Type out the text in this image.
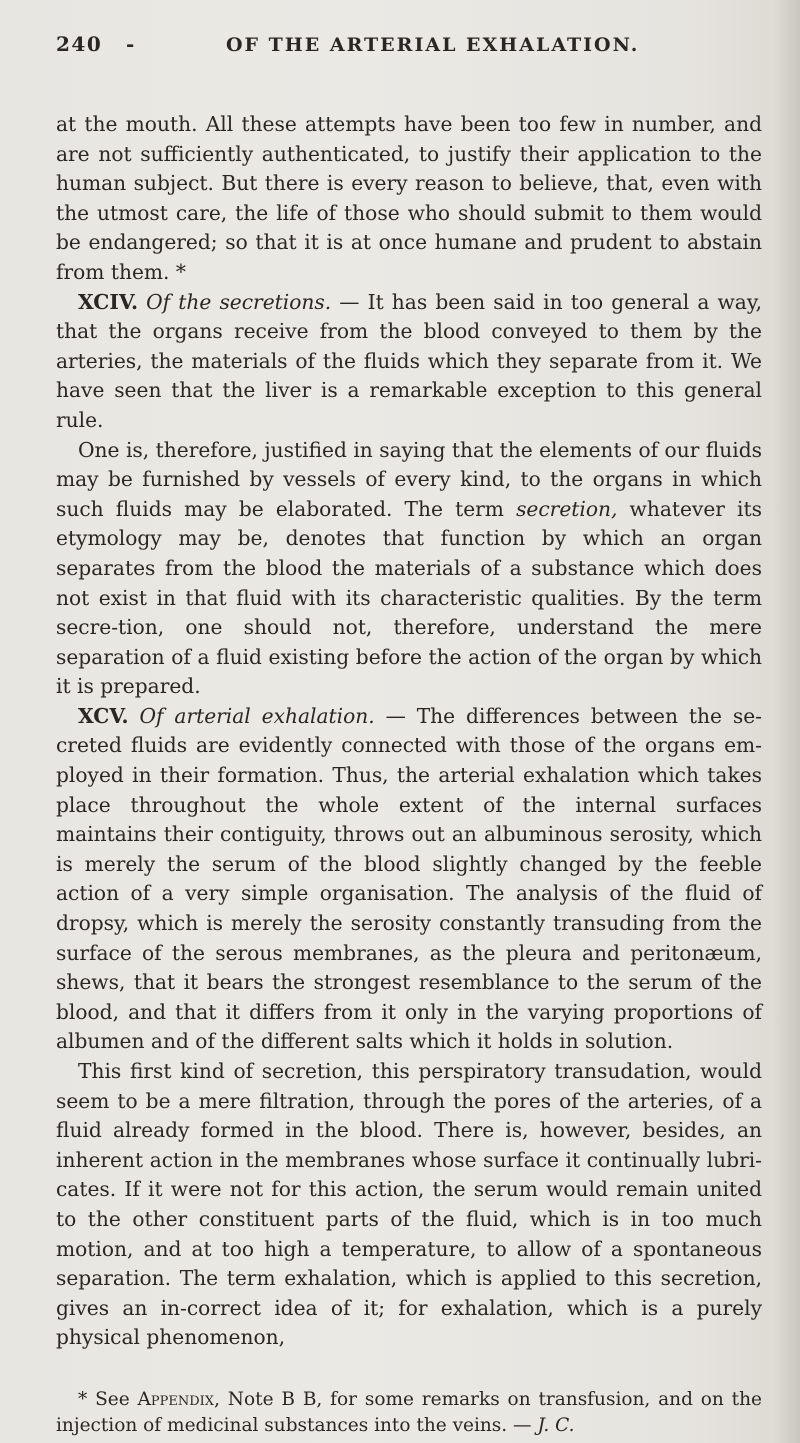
240	-	OF THE ARTERIAL EXHALATION.

at the mouth. All these attempts have been too few in number, and are not sufficiently authenticated, to justify their application to the human subject. But there is every reason to believe, that, even with the utmost care, the life of those who should submit to them would be endangered; so that it is at once humane and prudent to abstain from them. *

XCIV. Of the secretions. — It has been said in too general a way, that the organs receive from the blood conveyed to them by the arteries, the materials of the fluids which they separate from it. We have seen that the liver is a remarkable exception to this general rule.

One is, therefore, justified in saying that the elements of our fluids may be furnished by vessels of every kind, to the organs in which such fluids may be elaborated. The term secretion, whatever its etymology may be, denotes that function by which an organ separates from the blood the materials of a substance which does not exist in that fluid with its characteristic qualities. By the term secre-tion, one should not, therefore, understand the mere separation of a fluid existing before the action of the organ by which it is prepared.

XCV. Of arterial exhalation. — The differences between the se-creted fluids are evidently connected with those of the organs em-ployed in their formation. Thus, the arterial exhalation which takes place throughout the whole extent of the internal surfaces maintains their contiguity, throws out an albuminous serosity, which is merely the serum of the blood slightly changed by the feeble action of a very simple organisation. The analysis of the fluid of dropsy, which is merely the serosity constantly transuding from the surface of the serous membranes, as the pleura and peritonæum, shews, that it bears the strongest resemblance to the serum of the blood, and that it differs from it only in the varying proportions of albumen and of the different salts which it holds in solution.

This first kind of secretion, this perspiratory transudation, would seem to be a mere filtration, through the pores of the arteries, of a fluid already formed in the blood. There is, however, besides, an inherent action in the membranes whose surface it continually lubri-cates. If it were not for this action, the serum would remain united to the other constituent parts of the fluid, which is in too much motion, and at too high a temperature, to allow of a spontaneous separation. The term exhalation, which is applied to this secretion, gives an in-correct idea of it; for exhalation, which is a purely physical phenomenon,

* See Appendix, Note B B, for some remarks on transfusion, and on the injection of medicinal substances into the veins. — J. C.
